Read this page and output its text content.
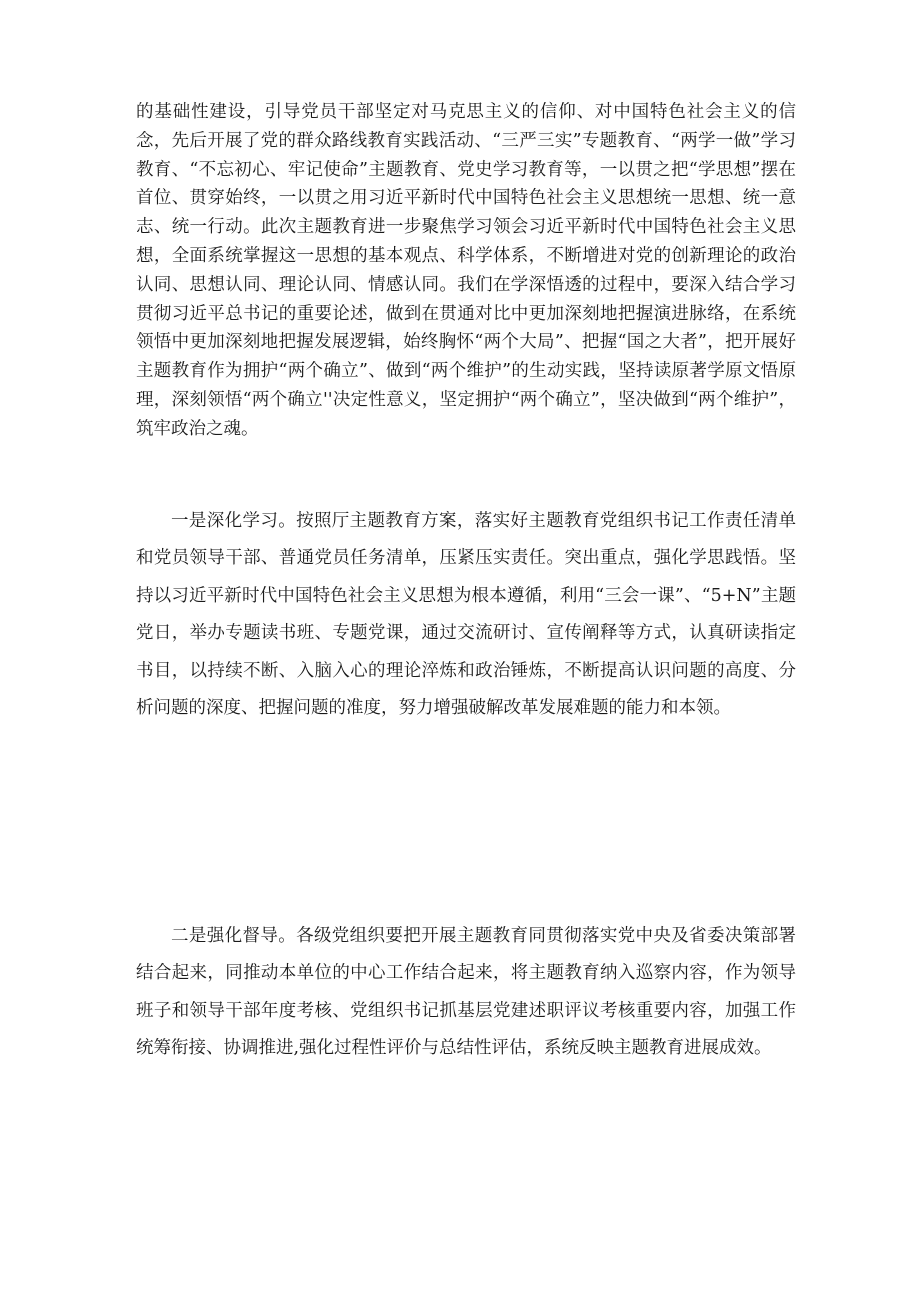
的基础性建设，引导党员干部坚定对马克思主义的信仰、对中国特色社会主义的信念，先后开展了党的群众路线教育实践活动、“三严三实”专题教育、“两学一做”学习教育、“不忘初心、牢记使命”主题教育、党史学习教育等，一以贯之把“学思想”摆在首位、贯穿始终，一以贯之用习近平新时代中国特色社会主义思想统一思想、统一意志、统一行动。此次主题教育进一步聚焦学习领会习近平新时代中国特色社会主义思想，全面系统掌握这一思想的基本观点、科学体系，不断增进对党的创新理论的政治认同、思想认同、理论认同、情感认同。我们在学深悟透的过程中，要深入结合学习贯彻习近平总书记的重要论述，做到在贯通对比中更加深刻地把握演进脉络，在系统领悟中更加深刻地把握发展逻辑，始终胸怀“两个大局”、把握“国之大者”，把开展好主题教育作为拥护“两个确立”、做到“两个维护”的生动实践，坚持读原著学原文悟原理，深刻领悟“两个确立''决定性意义，坚定拥护“两个确立”，坚决做到“两个维护”，筑牢政治之魂。

一是深化学习。按照厅主题教育方案，落实好主题教育党组织书记工作责任清单和党员领导干部、普通党员任务清单，压紧压实责任。突出重点，强化学思践悟。坚持以习近平新时代中国特色社会主义思想为根本遵循，利用“三会一课”、“5+N”主题党日，举办专题读书班、专题党课，通过交流研讨、宣传阐释等方式，认真研读指定书目，以持续不断、入脑入心的理论淬炼和政治锤炼，不断提高认识问题的高度、分析问题的深度、把握问题的准度，努力增强破解改革发展难题的能力和本领。

二是强化督导。各级党组织要把开展主题教育同贯彻落实党中央及省委决策部署结合起来，同推动本单位的中心工作结合起来，将主题教育纳入巡察内容，作为领导班子和领导干部年度考核、党组织书记抓基层党建述职评议考核重要内容，加强工作统筹衔接、协调推进,强化过程性评价与总结性评估，系统反映主题教育进展成效。
